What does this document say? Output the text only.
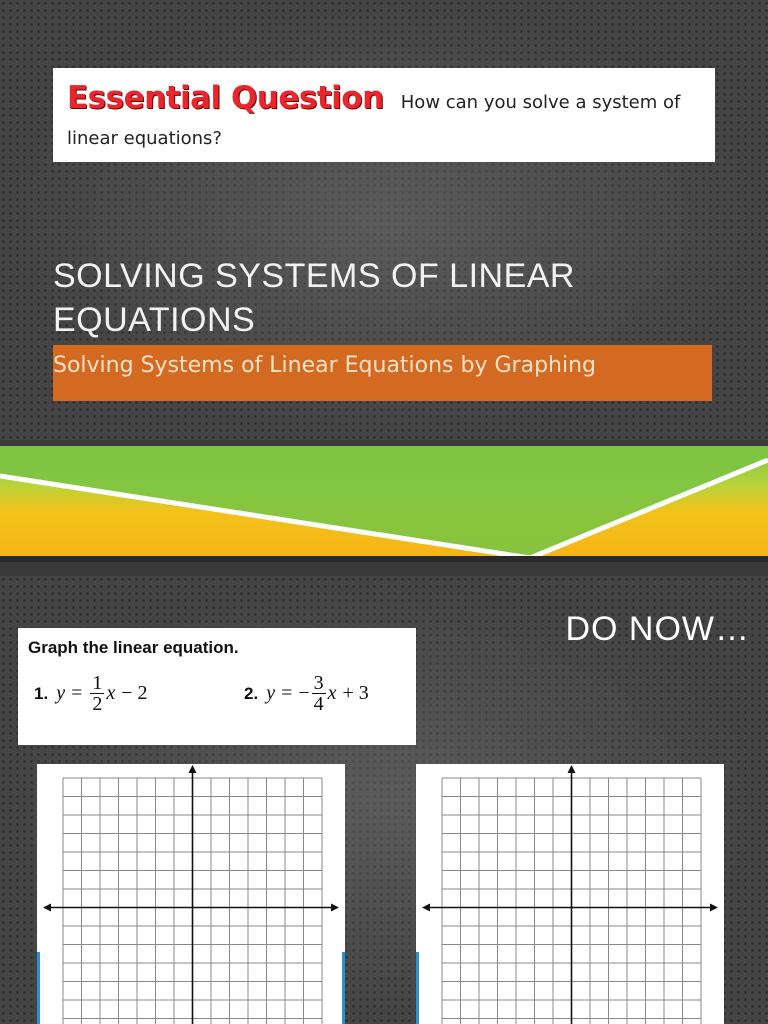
Essential Question How can you solve a system of
linear equations?
SOLVING SYSTEMS OF LINEAR
EQUATIONS
Solving Systems of Linear Equations by Graphing
DO NOW…
Graph the linear equation.
1. $y = \frac{1}{2}$ x − 2	2. y = − $\frac{3}{4}$ x + 3
